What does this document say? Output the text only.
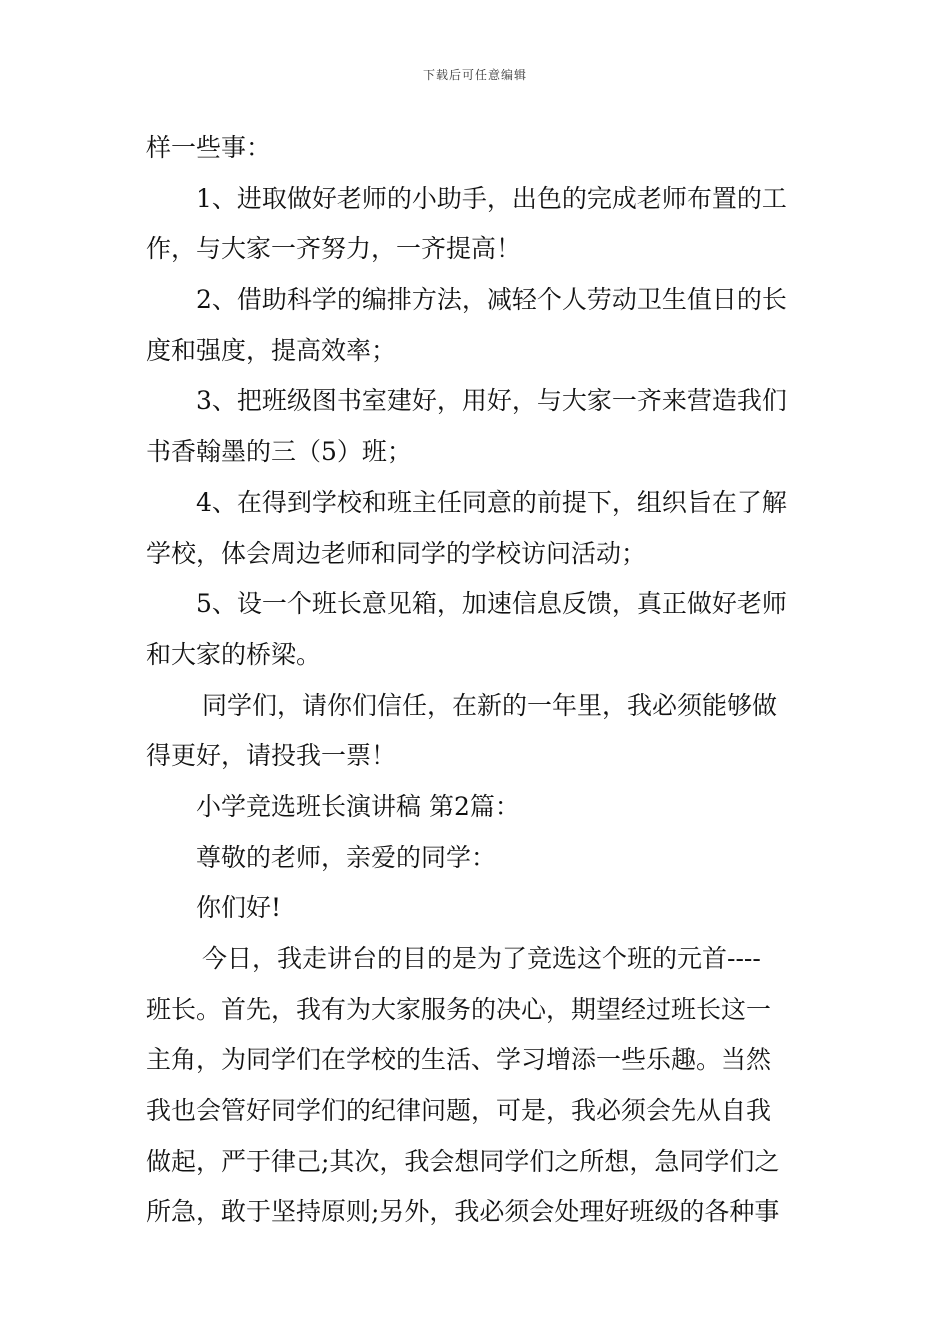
下载后可任意编辑
样一些事：
1、进取做好老师的小助手，出色的完成老师布置的工
作，与大家一齐努力，一齐提高！
2、借助科学的编排方法，减轻个人劳动卫生值日的长
度和强度，提高效率；
3、把班级图书室建好，用好，与大家一齐来营造我们
书香翰墨的三（5）班；
4、在得到学校和班主任同意的前提下，组织旨在了解
学校，体会周边老师和同学的学校访问活动；
5、设一个班长意见箱，加速信息反馈，真正做好老师
和大家的桥梁。
同学们，请你们信任，在新的一年里，我必须能够做
得更好，请投我一票！
小学竞选班长演讲稿 第2篇：
尊敬的老师，亲爱的同学：
你们好!
今日，我走讲台的目的是为了竞选这个班的元首----
班长。首先，我有为大家服务的决心，期望经过班长这一
主角，为同学们在学校的生活、学习增添一些乐趣。当然
我也会管好同学们的纪律问题，可是，我必须会先从自我
做起，严于律己;其次，我会想同学们之所想，急同学们之
所急，敢于坚持原则;另外，我必须会处理好班级的各种事
